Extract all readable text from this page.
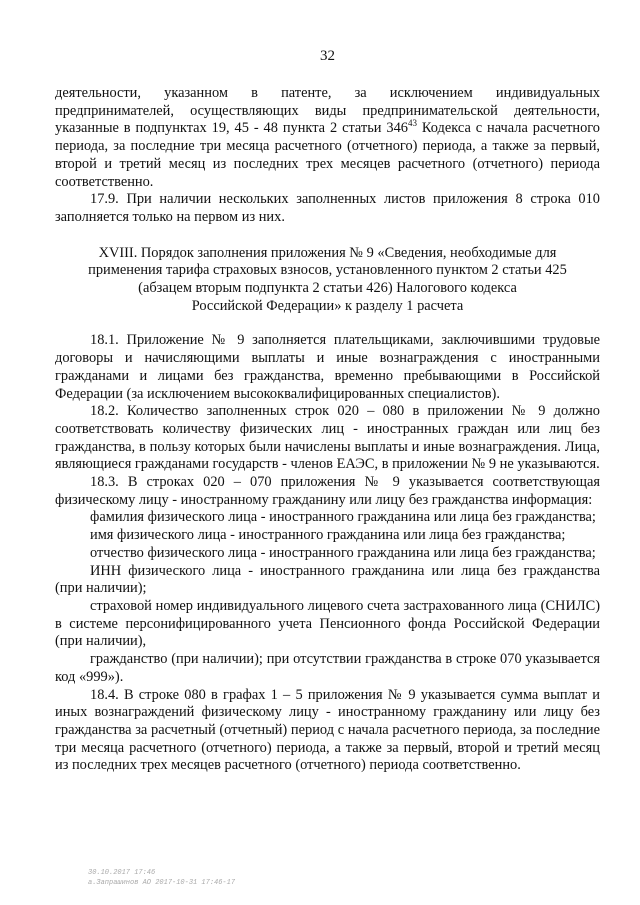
32

деятельности, указанном в патенте, за исключением индивидуальных предпринимателей, осуществляющих виды предпринимательской деятельности, указанные в подпунктах 19, 45 - 48 пункта 2 статьи $346^{43}$ Кодекса с начала расчетного периода, за последние три месяца расчетного (отчетного) периода, а также за первый, второй и третий месяц из последних трех месяцев расчетного (отчетного) периода соответственно.

17.9. При наличии нескольких заполненных листов приложения 8 строка 010 заполняется только на первом из них.

XVIII. Порядок заполнения приложения № 9 «Сведения, необходимые для
применения тарифа страховых взносов, установленного пунктом 2 статьи 425
(абзацем вторым подпункта 2 статьи 426) Налогового кодекса
Российской Федерации» к разделу 1 расчета

18.1. Приложение № 9 заполняется плательщиками, заключившими трудовые договоры и начисляющими выплаты и иные вознаграждения с иностранными гражданами и лицами без гражданства, временно пребывающими в Российской Федерации (за исключением высококвалифицированных специалистов).

18.2. Количество заполненных строк 020 – 080 в приложении № 9 должно соответствовать количеству физических лиц - иностранных граждан или лиц без гражданства, в пользу которых были начислены выплаты и иные вознаграждения. Лица, являющиеся гражданами государств - членов ЕАЭС, в приложении № 9 не указываются.

18.3. В строках 020 – 070 приложения № 9 указывается соответствующая физическому лицу - иностранному гражданину или лицу без гражданства информация:

фамилия физического лица - иностранного гражданина или лица без гражданства;

имя физического лица - иностранного гражданина или лица без гражданства;

отчество физического лица - иностранного гражданина или лица без гражданства;

ИНН физического лица - иностранного гражданина или лица без гражданства (при наличии);

страховой номер индивидуального лицевого счета застрахованного лица (СНИЛС) в системе персонифицированного учета Пенсионного фонда Российской Федерации (при наличии),

гражданство (при наличии); при отсутствии гражданства в строке 070 указывается код «999»).

18.4. В строке 080 в графах 1 – 5 приложения № 9 указывается сумма выплат и иных вознаграждений физическому лицу - иностранному гражданину или лицу без гражданства за расчетный (отчетный) период с начала расчетного периода, за последние три месяца расчетного (отчетного) периода, а также за первый, второй и третий месяц из последних трех месяцев расчетного (отчетного) периода соответственно.

30.10.2017 17:46
а.Запрашинов АО 2017-10-31 17:46-17
